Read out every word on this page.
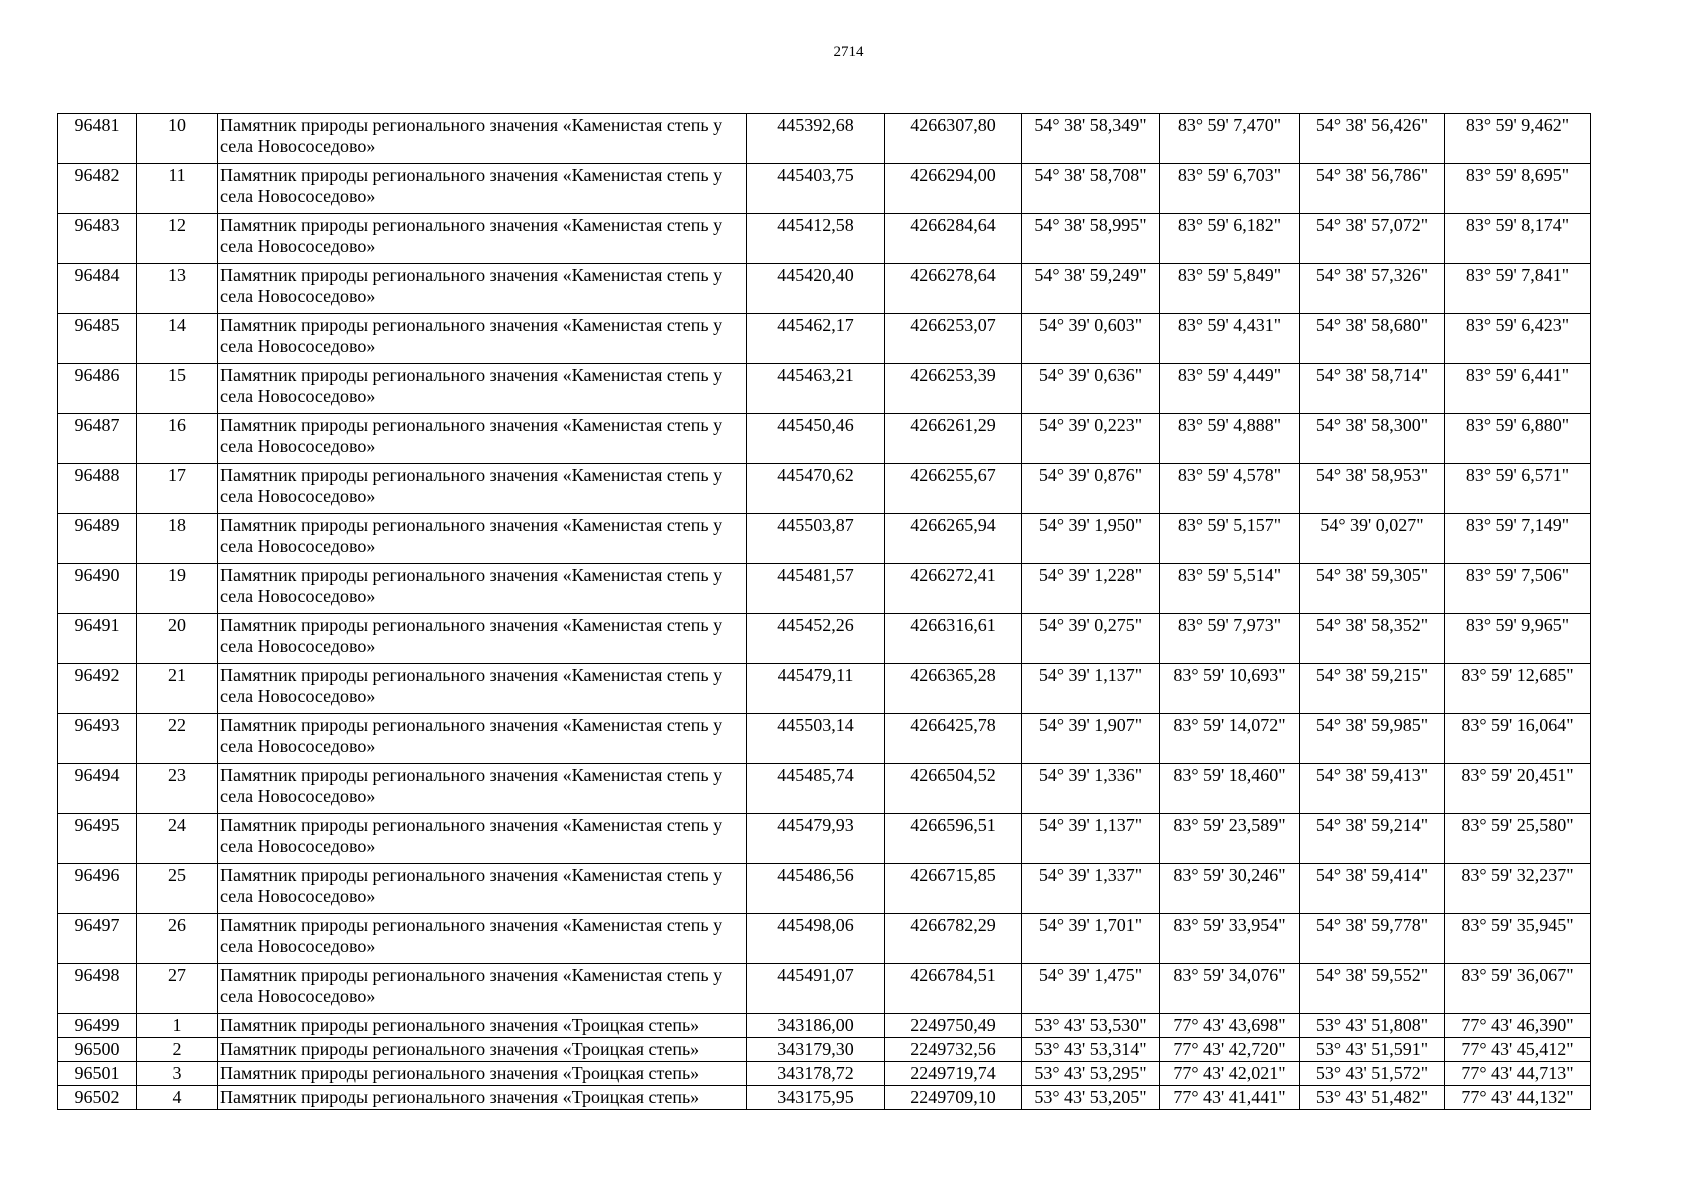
2714
96481	10	Памятник природы регионального значения «Каменистая степь у села Новососедово»	445392,68	4266307,80	54° 38' 58,349"	83° 59' 7,470"	54° 38' 56,426"	83° 59' 9,462"
96482	11	Памятник природы регионального значения «Каменистая степь у села Новососедово»	445403,75	4266294,00	54° 38' 58,708"	83° 59' 6,703"	54° 38' 56,786"	83° 59' 8,695"
96483	12	Памятник природы регионального значения «Каменистая степь у села Новососедово»	445412,58	4266284,64	54° 38' 58,995"	83° 59' 6,182"	54° 38' 57,072"	83° 59' 8,174"
96484	13	Памятник природы регионального значения «Каменистая степь у села Новососедово»	445420,40	4266278,64	54° 38' 59,249"	83° 59' 5,849"	54° 38' 57,326"	83° 59' 7,841"
96485	14	Памятник природы регионального значения «Каменистая степь у села Новососедово»	445462,17	4266253,07	54° 39' 0,603"	83° 59' 4,431"	54° 38' 58,680"	83° 59' 6,423"
96486	15	Памятник природы регионального значения «Каменистая степь у села Новососедово»	445463,21	4266253,39	54° 39' 0,636"	83° 59' 4,449"	54° 38' 58,714"	83° 59' 6,441"
96487	16	Памятник природы регионального значения «Каменистая степь у села Новососедово»	445450,46	4266261,29	54° 39' 0,223"	83° 59' 4,888"	54° 38' 58,300"	83° 59' 6,880"
96488	17	Памятник природы регионального значения «Каменистая степь у села Новососедово»	445470,62	4266255,67	54° 39' 0,876"	83° 59' 4,578"	54° 38' 58,953"	83° 59' 6,571"
96489	18	Памятник природы регионального значения «Каменистая степь у села Новососедово»	445503,87	4266265,94	54° 39' 1,950"	83° 59' 5,157"	54° 39' 0,027"	83° 59' 7,149"
96490	19	Памятник природы регионального значения «Каменистая степь у села Новососедово»	445481,57	4266272,41	54° 39' 1,228"	83° 59' 5,514"	54° 38' 59,305"	83° 59' 7,506"
96491	20	Памятник природы регионального значения «Каменистая степь у села Новососедово»	445452,26	4266316,61	54° 39' 0,275"	83° 59' 7,973"	54° 38' 58,352"	83° 59' 9,965"
96492	21	Памятник природы регионального значения «Каменистая степь у села Новососедово»	445479,11	4266365,28	54° 39' 1,137"	83° 59' 10,693"	54° 38' 59,215"	83° 59' 12,685"
96493	22	Памятник природы регионального значения «Каменистая степь у села Новососедово»	445503,14	4266425,78	54° 39' 1,907"	83° 59' 14,072"	54° 38' 59,985"	83° 59' 16,064"
96494	23	Памятник природы регионального значения «Каменистая степь у села Новососедово»	445485,74	4266504,52	54° 39' 1,336"	83° 59' 18,460"	54° 38' 59,413"	83° 59' 20,451"
96495	24	Памятник природы регионального значения «Каменистая степь у села Новососедово»	445479,93	4266596,51	54° 39' 1,137"	83° 59' 23,589"	54° 38' 59,214"	83° 59' 25,580"
96496	25	Памятник природы регионального значения «Каменистая степь у села Новососедово»	445486,56	4266715,85	54° 39' 1,337"	83° 59' 30,246"	54° 38' 59,414"	83° 59' 32,237"
96497	26	Памятник природы регионального значения «Каменистая степь у села Новососедово»	445498,06	4266782,29	54° 39' 1,701"	83° 59' 33,954"	54° 38' 59,778"	83° 59' 35,945"
96498	27	Памятник природы регионального значения «Каменистая степь у села Новососедово»	445491,07	4266784,51	54° 39' 1,475"	83° 59' 34,076"	54° 38' 59,552"	83° 59' 36,067"
96499	1	Памятник природы регионального значения «Троицкая степь»	343186,00	2249750,49	53° 43' 53,530"	77° 43' 43,698"	53° 43' 51,808"	77° 43' 46,390"
96500	2	Памятник природы регионального значения «Троицкая степь»	343179,30	2249732,56	53° 43' 53,314"	77° 43' 42,720"	53° 43' 51,591"	77° 43' 45,412"
96501	3	Памятник природы регионального значения «Троицкая степь»	343178,72	2249719,74	53° 43' 53,295"	77° 43' 42,021"	53° 43' 51,572"	77° 43' 44,713"
96502	4	Памятник природы регионального значения «Троицкая степь»	343175,95	2249709,10	53° 43' 53,205"	77° 43' 41,441"	53° 43' 51,482"	77° 43' 44,132"
